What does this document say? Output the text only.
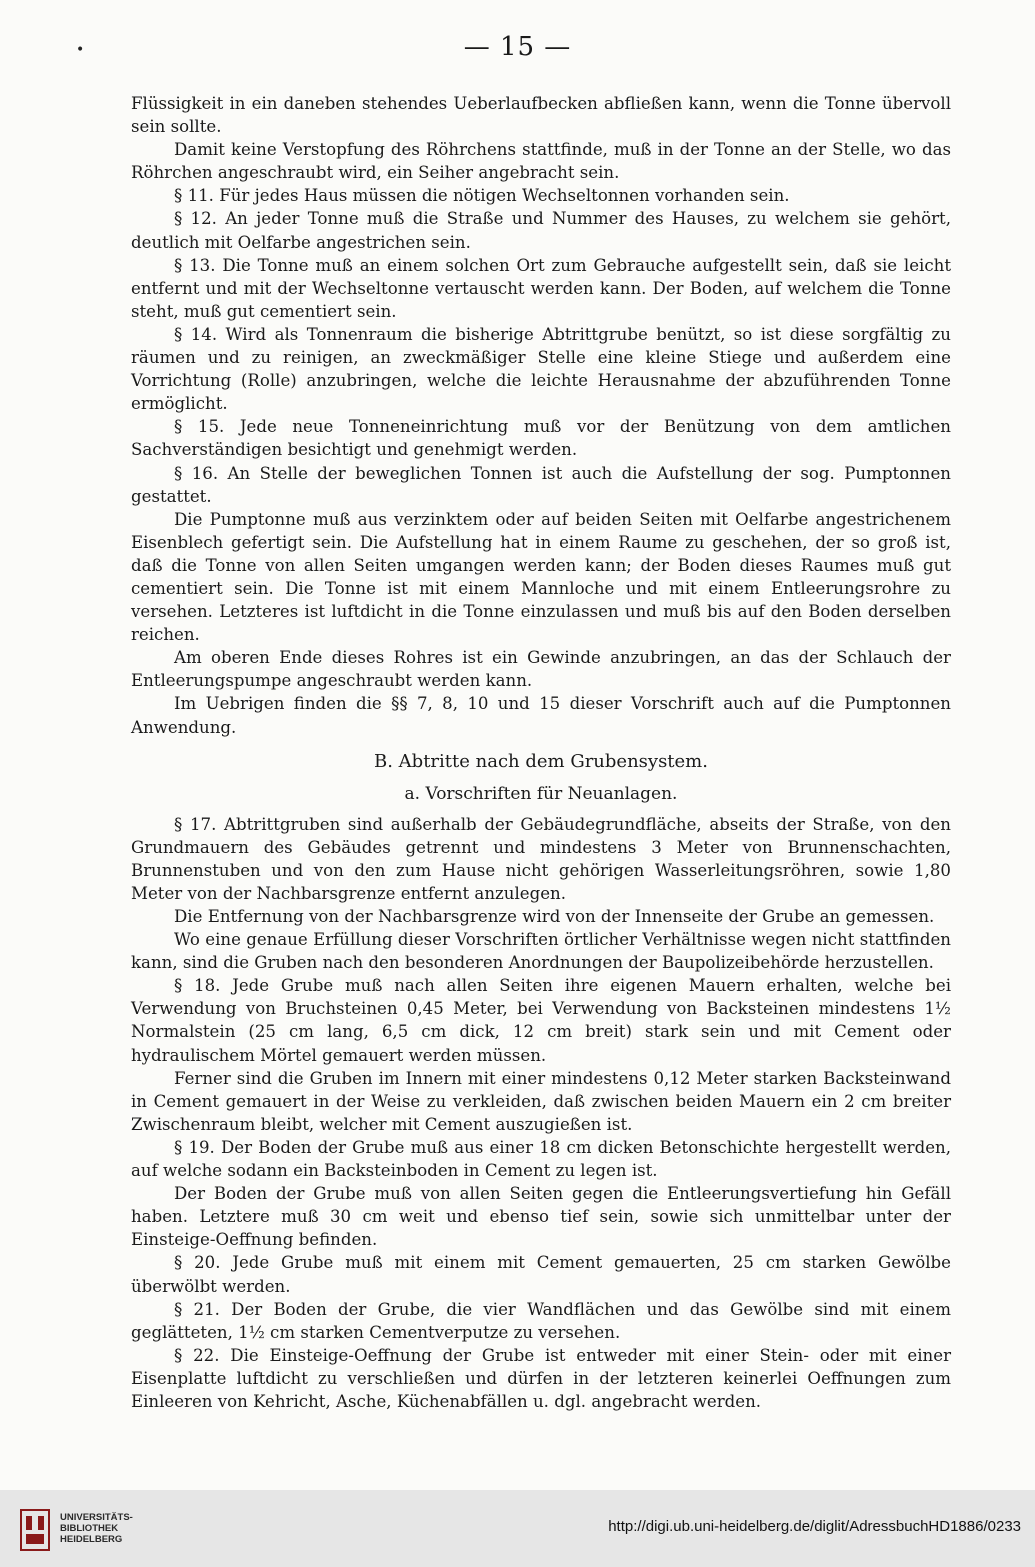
•	— 15 —

Flüssigkeit in ein daneben stehendes Ueberlaufbecken abfließen kann, wenn die Tonne übervoll sein sollte.

Damit keine Verstopfung des Röhrchens stattfinde, muß in der Tonne an der Stelle, wo das Röhrchen angeschraubt wird, ein Seiher angebracht sein.

§ 11. Für jedes Haus müssen die nötigen Wechseltonnen vorhanden sein.

§ 12. An jeder Tonne muß die Straße und Nummer des Hauses, zu welchem sie gehört, deutlich mit Oelfarbe angestrichen sein.

§ 13. Die Tonne muß an einem solchen Ort zum Gebrauche aufgestellt sein, daß sie leicht entfernt und mit der Wechseltonne vertauscht werden kann. Der Boden, auf welchem die Tonne steht, muß gut cementiert sein.

§ 14. Wird als Tonnenraum die bisherige Abtrittgrube benützt, so ist diese sorgfältig zu räumen und zu reinigen, an zweckmäßiger Stelle eine kleine Stiege und außerdem eine Vorrichtung (Rolle) anzubringen, welche die leichte Herausnahme der abzuführenden Tonne ermöglicht.

§ 15. Jede neue Tonneneinrichtung muß vor der Benützung von dem amtlichen Sachverständigen besichtigt und genehmigt werden.

§ 16. An Stelle der beweglichen Tonnen ist auch die Aufstellung der sog. Pumptonnen gestattet.

Die Pumptonne muß aus verzinktem oder auf beiden Seiten mit Oelfarbe angestrichenem Eisenblech gefertigt sein. Die Aufstellung hat in einem Raume zu geschehen, der so groß ist, daß die Tonne von allen Seiten umgangen werden kann; der Boden dieses Raumes muß gut cementiert sein. Die Tonne ist mit einem Mannloche und mit einem Entleerungsrohre zu versehen. Letzteres ist luftdicht in die Tonne einzulassen und muß bis auf den Boden derselben reichen.

Am oberen Ende dieses Rohres ist ein Gewinde anzubringen, an das der Schlauch der Entleerungspumpe angeschraubt werden kann.

Im Uebrigen finden die §§ 7, 8, 10 und 15 dieser Vorschrift auch auf die Pumptonnen Anwendung.

B. Abtritte nach dem Grubensystem.
a. Vorschriften für Neuanlagen.

§ 17. Abtrittgruben sind außerhalb der Gebäudegrundfläche, abseits der Straße, von den Grundmauern des Gebäudes getrennt und mindestens 3 Meter von Brunnenschachten, Brunnenstuben und von den zum Hause nicht gehörigen Wasserleitungsröhren, sowie 1,80 Meter von der Nachbarsgrenze entfernt anzulegen.

Die Entfernung von der Nachbarsgrenze wird von der Innenseite der Grube an gemessen.

Wo eine genaue Erfüllung dieser Vorschriften örtlicher Verhältnisse wegen nicht stattfinden kann, sind die Gruben nach den besonderen Anordnungen der Baupolizeibehörde herzustellen.

§ 18. Jede Grube muß nach allen Seiten ihre eigenen Mauern erhalten, welche bei Verwendung von Bruchsteinen 0,45 Meter, bei Verwendung von Backsteinen mindestens 1½ Normalstein (25 cm lang, 6,5 cm dick, 12 cm breit) stark sein und mit Cement oder hydraulischem Mörtel gemauert werden müssen.

Ferner sind die Gruben im Innern mit einer mindestens 0,12 Meter starken Backsteinwand in Cement gemauert in der Weise zu verkleiden, daß zwischen beiden Mauern ein 2 cm breiter Zwischenraum bleibt, welcher mit Cement auszugießen ist.

§ 19. Der Boden der Grube muß aus einer 18 cm dicken Betonschichte hergestellt werden, auf welche sodann ein Backsteinboden in Cement zu legen ist.

Der Boden der Grube muß von allen Seiten gegen die Entleerungsvertiefung hin Gefäll haben. Letztere muß 30 cm weit und ebenso tief sein, sowie sich unmittelbar unter der Einsteige-Oeffnung befinden.

§ 20. Jede Grube muß mit einem mit Cement gemauerten, 25 cm starken Gewölbe überwölbt werden.

§ 21. Der Boden der Grube, die vier Wandflächen und das Gewölbe sind mit einem geglätteten, 1½ cm starken Cementverputze zu versehen.

§ 22. Die Einsteige-Oeffnung der Grube ist entweder mit einer Stein- oder mit einer Eisenplatte luftdicht zu verschließen und dürfen in der letzteren keinerlei Oeffnungen zum Einleeren von Kehricht, Asche, Küchenabfällen u. dgl. angebracht werden.

UNIVERSITÄTS-
BIBLIOTHEK
HEIDELBERG
http://digi.ub.uni-heidelberg.de/diglit/AdressbuchHD1886/0233
